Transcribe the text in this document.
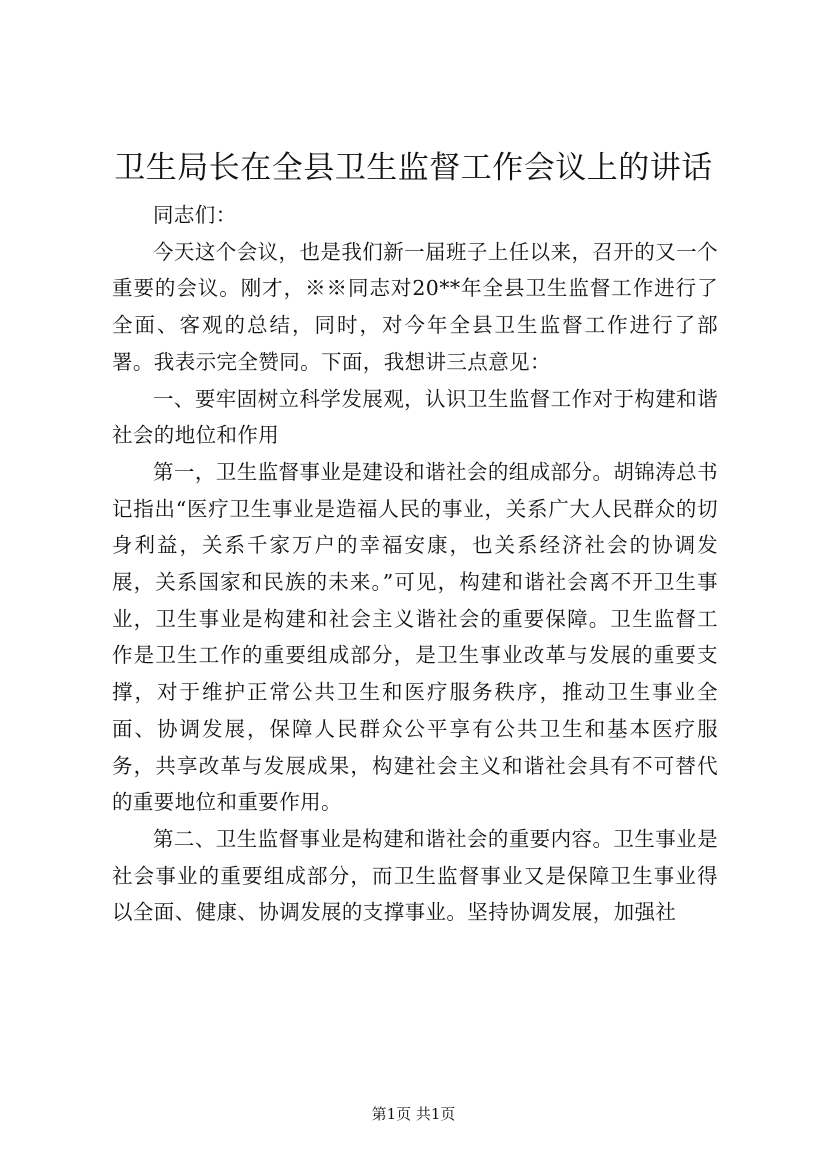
卫生局长在全县卫生监督工作会议上的讲话

同志们：

今天这个会议，也是我们新一届班子上任以来，召开的又一个重要的会议。刚才，※※同志对20**年全县卫生监督工作进行了全面、客观的总结，同时，对今年全县卫生监督工作进行了部署。我表示完全赞同。下面，我想讲三点意见：

一、要牢固树立科学发展观，认识卫生监督工作对于构建和谐社会的地位和作用

第一，卫生监督事业是建设和谐社会的组成部分。胡锦涛总书记指出“医疗卫生事业是造福人民的事业，关系广大人民群众的切身利益，关系千家万户的幸福安康，也关系经济社会的协调发展，关系国家和民族的未来。”可见，构建和谐社会离不开卫生事业，卫生事业是构建和社会主义谐社会的重要保障。卫生监督工作是卫生工作的重要组成部分，是卫生事业改革与发展的重要支撑，对于维护正常公共卫生和医疗服务秩序，推动卫生事业全面、协调发展，保障人民群众公平享有公共卫生和基本医疗服务，共享改革与发展成果，构建社会主义和谐社会具有不可替代的重要地位和重要作用。

第二、卫生监督事业是构建和谐社会的重要内容。卫生事业是社会事业的重要组成部分，而卫生监督事业又是保障卫生事业得以全面、健康、协调发展的支撑事业。坚持协调发展，加强社

第1页 共1页
